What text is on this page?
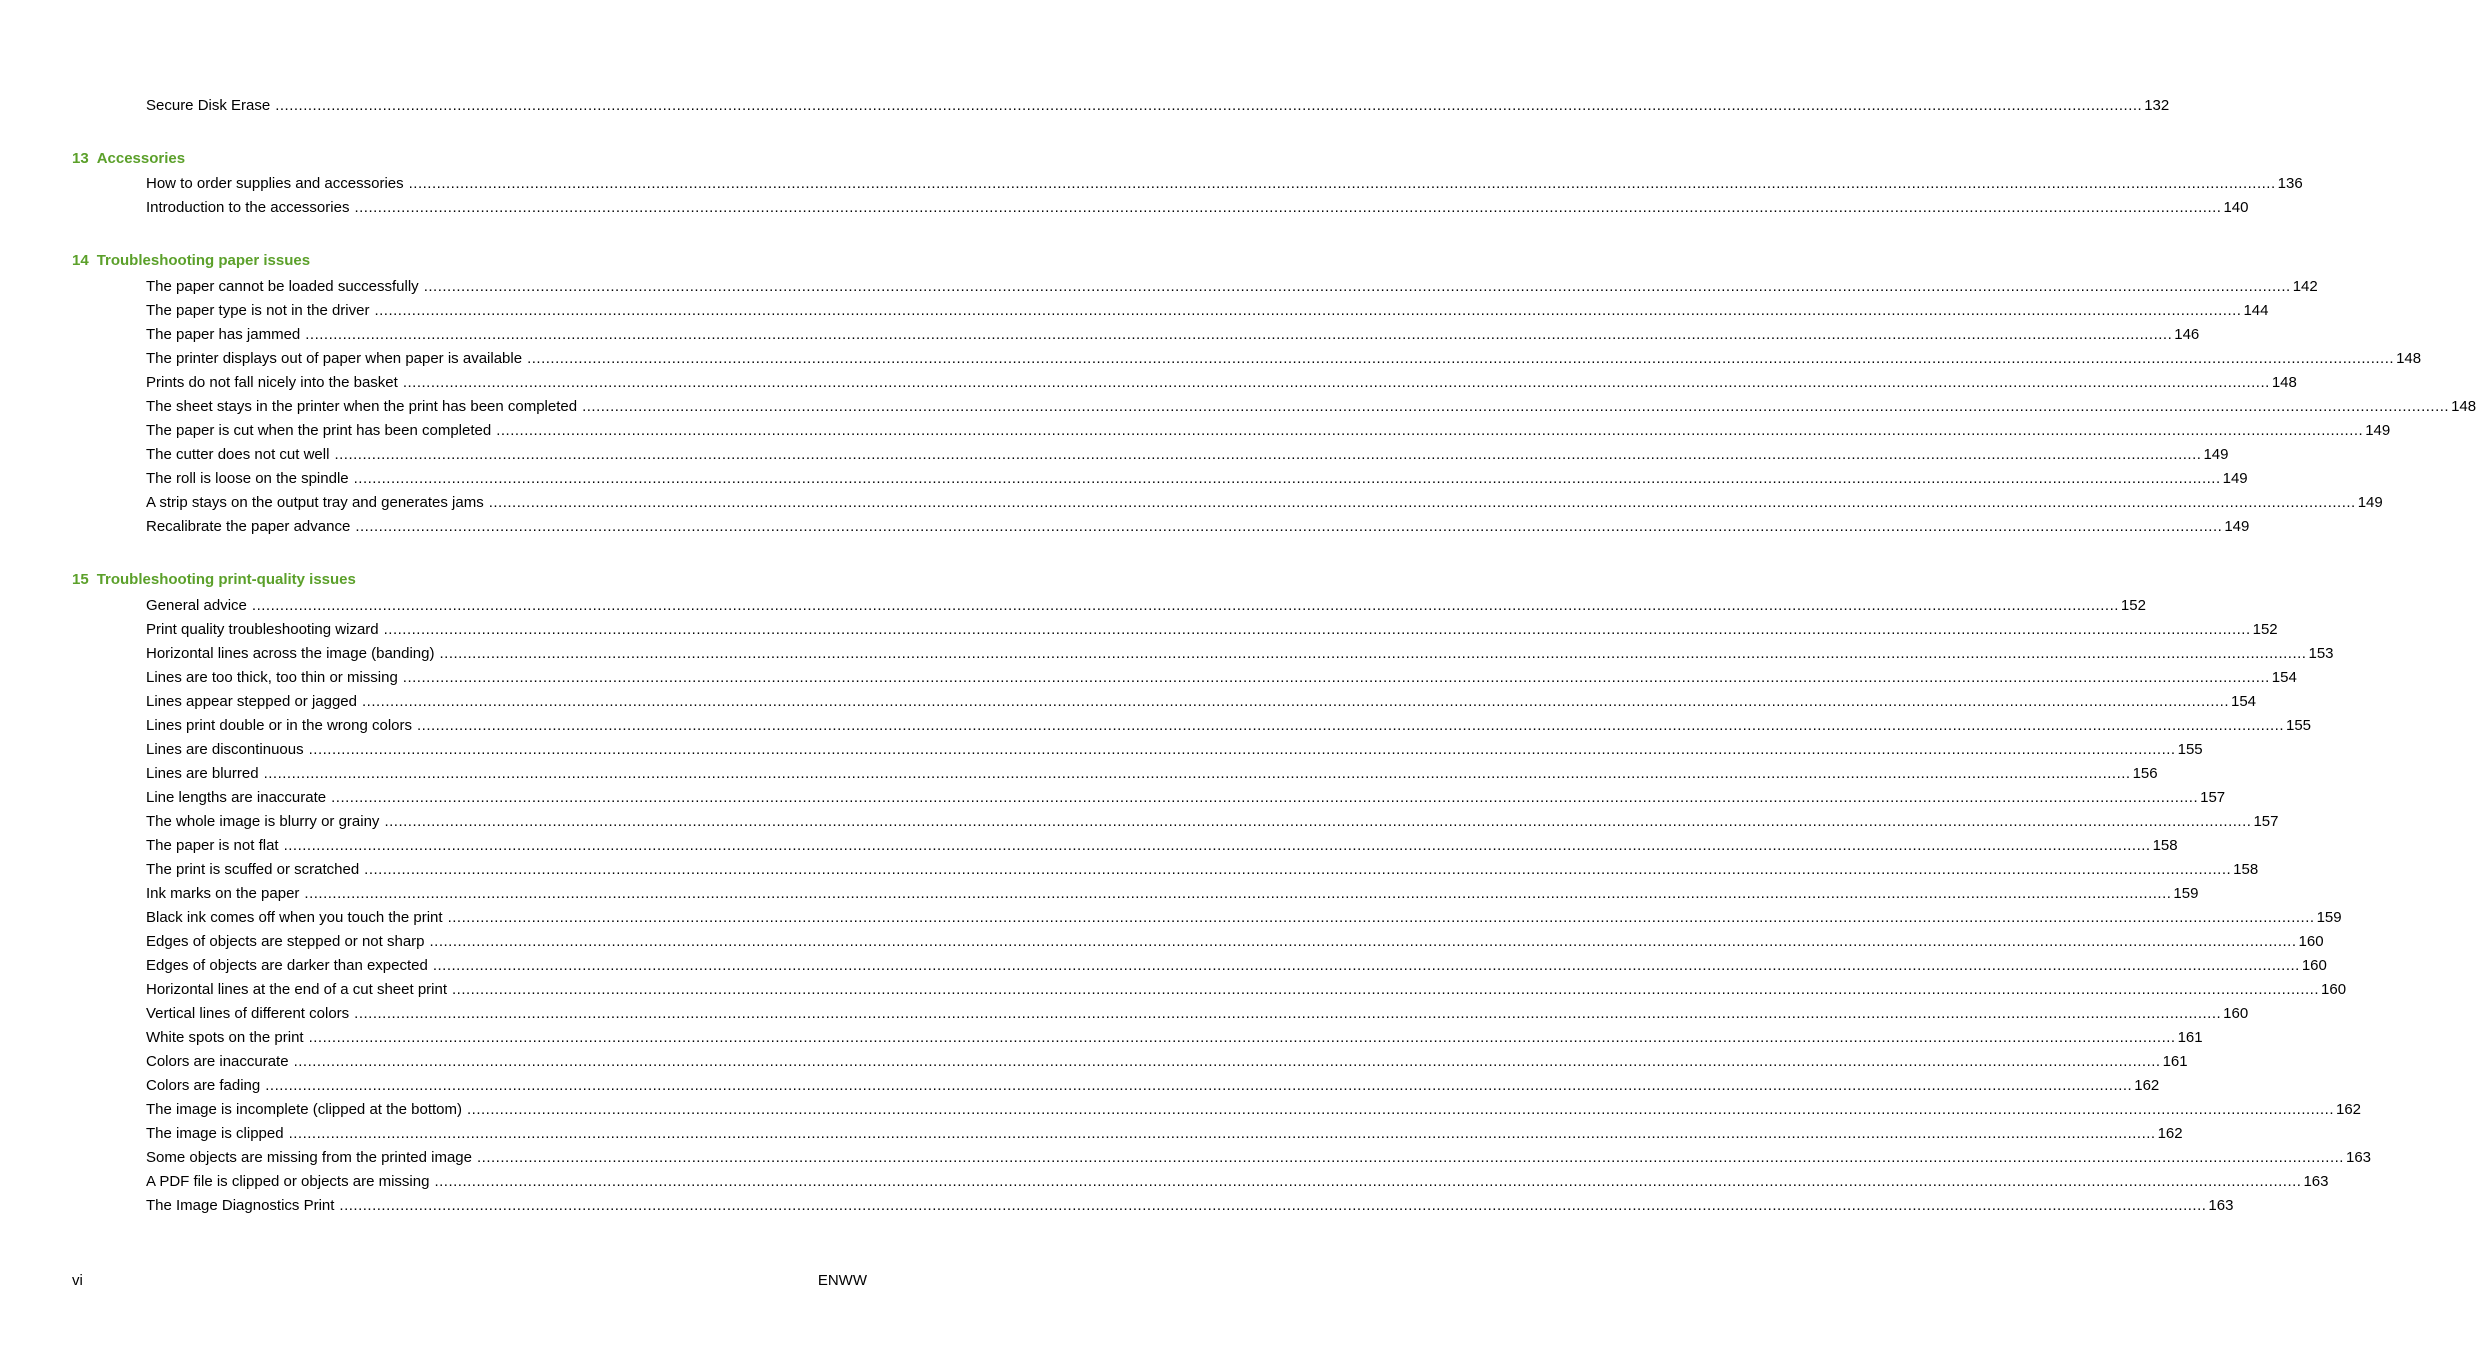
Secure Disk Erase ................................................................................................................................................................................................................................................................................................................................................................................................................ 132
13 Accessories
How to order supplies and accessories ................................................................................................................................................................................................................................................................................................................................................................................................................ 136
Introduction to the accessories ................................................................................................................................................................................................................................................................................................................................................................................................................ 140
14 Troubleshooting paper issues
The paper cannot be loaded successfully ................................................................................................................................................................................................................................................................................................................................................................................................................ 142
The paper type is not in the driver ................................................................................................................................................................................................................................................................................................................................................................................................................ 144
The paper has jammed ................................................................................................................................................................................................................................................................................................................................................................................................................ 146
The printer displays out of paper when paper is available ................................................................................................................................................................................................................................................................................................................................................................................................................ 148
Prints do not fall nicely into the basket ................................................................................................................................................................................................................................................................................................................................................................................................................ 148
The sheet stays in the printer when the print has been completed ................................................................................................................................................................................................................................................................................................................................................................................................................ 148
The paper is cut when the print has been completed ................................................................................................................................................................................................................................................................................................................................................................................................................ 149
The cutter does not cut well ................................................................................................................................................................................................................................................................................................................................................................................................................ 149
The roll is loose on the spindle ................................................................................................................................................................................................................................................................................................................................................................................................................ 149
A strip stays on the output tray and generates jams ................................................................................................................................................................................................................................................................................................................................................................................................................ 149
Recalibrate the paper advance ................................................................................................................................................................................................................................................................................................................................................................................................................ 149
15 Troubleshooting print-quality issues
General advice ................................................................................................................................................................................................................................................................................................................................................................................................................ 152
Print quality troubleshooting wizard ................................................................................................................................................................................................................................................................................................................................................................................................................ 152
Horizontal lines across the image (banding) ................................................................................................................................................................................................................................................................................................................................................................................................................ 153
Lines are too thick, too thin or missing ................................................................................................................................................................................................................................................................................................................................................................................................................ 154
Lines appear stepped or jagged ................................................................................................................................................................................................................................................................................................................................................................................................................ 154
Lines print double or in the wrong colors ................................................................................................................................................................................................................................................................................................................................................................................................................ 155
Lines are discontinuous ................................................................................................................................................................................................................................................................................................................................................................................................................ 155
Lines are blurred ................................................................................................................................................................................................................................................................................................................................................................................................................ 156
Line lengths are inaccurate ................................................................................................................................................................................................................................................................................................................................................................................................................ 157
The whole image is blurry or grainy ................................................................................................................................................................................................................................................................................................................................................................................................................ 157
The paper is not flat ................................................................................................................................................................................................................................................................................................................................................................................................................ 158
The print is scuffed or scratched ................................................................................................................................................................................................................................................................................................................................................................................................................ 158
Ink marks on the paper ................................................................................................................................................................................................................................................................................................................................................................................................................ 159
Black ink comes off when you touch the print ................................................................................................................................................................................................................................................................................................................................................................................................................ 159
Edges of objects are stepped or not sharp ................................................................................................................................................................................................................................................................................................................................................................................................................ 160
Edges of objects are darker than expected ................................................................................................................................................................................................................................................................................................................................................................................................................ 160
Horizontal lines at the end of a cut sheet print ................................................................................................................................................................................................................................................................................................................................................................................................................ 160
Vertical lines of different colors ................................................................................................................................................................................................................................................................................................................................................................................................................ 160
White spots on the print ................................................................................................................................................................................................................................................................................................................................................................................................................ 161
Colors are inaccurate ................................................................................................................................................................................................................................................................................................................................................................................................................ 161
Colors are fading ................................................................................................................................................................................................................................................................................................................................................................................................................ 162
The image is incomplete (clipped at the bottom) ................................................................................................................................................................................................................................................................................................................................................................................................................ 162
The image is clipped ................................................................................................................................................................................................................................................................................................................................................................................................................ 162
Some objects are missing from the printed image ................................................................................................................................................................................................................................................................................................................................................................................................................ 163
A PDF file is clipped or objects are missing ................................................................................................................................................................................................................................................................................................................................................................................................................ 163
The Image Diagnostics Print ................................................................................................................................................................................................................................................................................................................................................................................................................ 163
vi	ENWW
